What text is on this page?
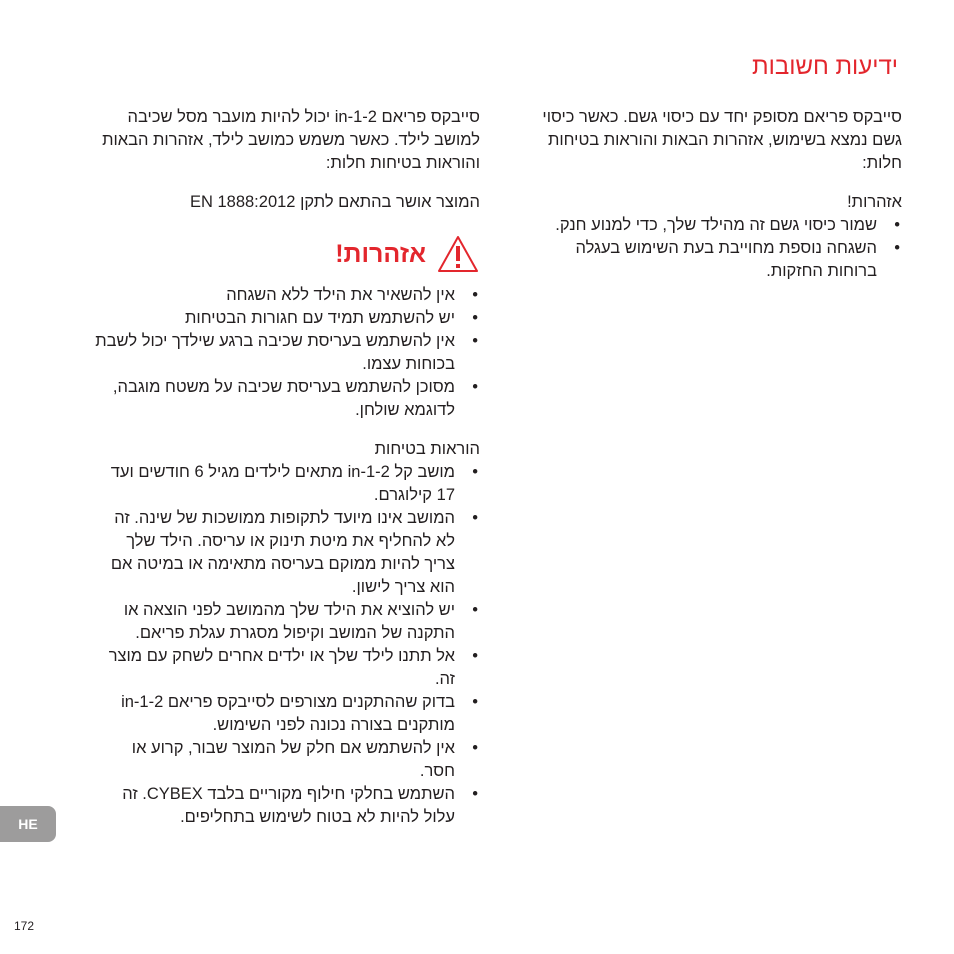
ידיעות חשובות

סייבקס פריאם מסופק יחד עם כיסוי גשם. כאשר כיסוי גשם נמצא בשימוש, אזהרות הבאות והוראות בטיחות חלות:

אזהרות!

• שמור כיסוי גשם זה מהילד שלך, כדי למנוע חנק.
• השגחה נוספת מחוייבת בעת השימוש בעגלה ברוחות החזקות.

סייבקס פריאם 2-in-1 יכול להיות מועבר מסל שכיבה למושב לילד. כאשר משמש כמושב לילד, אזהרות הבאות והוראות בטיחות חלות:

המוצר אושר בהתאם לתקן EN 1888:2012

אזהרות!
• אין להשאיר את הילד ללא השגחה
• יש להשתמש תמיד עם חגורות הבטיחות
• אין להשתמש בעריסת שכיבה ברגע שילדך יכול לשבת בכוחות עצמו.
• מסוכן להשתמש בעריסת שכיבה על משטח מוגבה, לדוגמא שולחן.

הוראות בטיחות

• מושב קל 2-in-1 מתאים לילדים מגיל 6 חודשים ועד 17 קילוגרם.
• המושב אינו מיועד לתקופות ממושכות של שינה. זה לא להחליף את מיטת תינוק או עריסה. הילד שלך צריך להיות ממוקם בעריסה מתאימה או במיטה אם הוא צריך לישון.
• יש להוציא את הילד שלך מהמושב לפני הוצאה או התקנה של המושב וקיפול מסגרת עגלת פריאם.
• אל תתנו לילד שלך או ילדים אחרים לשחק עם מוצר זה.
• בדוק שההתקנים מצורפים לסייבקס פריאם 2-in-1 מותקנים בצורה נכונה לפני השימוש.
• אין להשתמש אם חלק של המוצר שבור, קרוע או חסר.
• השתמש בחלקי חילוף מקוריים בלבד CYBEX. זה עלול להיות לא בטוח לשימוש בתחליפים.
HE
172
